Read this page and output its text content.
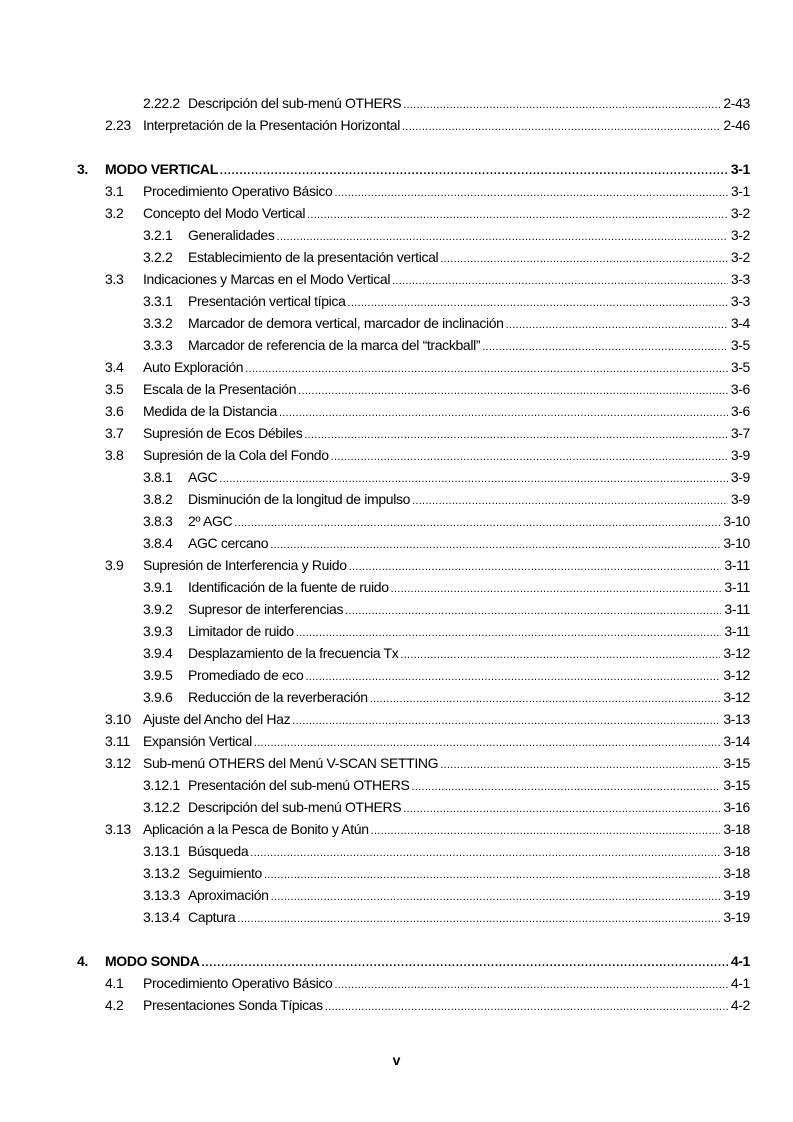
2.22.2 Descripción del sub-menú OTHERS . . .	2-43
2.23 Interpretación de la Presentación Horizontal . . .	2-46
3.	MODO VERTICAL . . .	3-1
3.1	Procedimiento Operativo Básico . . .	3-1
3.2	Concepto del Modo Vertical . . .	3-2
3.2.1	Generalidades . . .	3-2
3.2.2	Establecimiento de la presentación vertical . . .	3-2
3.3	Indicaciones y Marcas en el Modo Vertical . . .	3-3
3.3.1	Presentación vertical típica . . .	3-3
3.3.2	Marcador de demora vertical, marcador de inclinación . . .	3-4
3.3.3	Marcador de referencia de la marca del “trackball” . . .	3-5
3.4	Auto Exploración . . .	3-5
3.5	Escala de la Presentación . . .	3-6
3.6	Medida de la Distancia . . .	3-6
3.7	Supresión de Ecos Débiles . . .	3-7
3.8	Supresión de la Cola del Fondo . . .	3-9
3.8.1	AGC . . .	3-9
3.8.2	Disminución de la longitud de impulso . . .	3-9
3.8.3	2º AGC . . .	3-10
3.8.4	AGC cercano . . .	3-10
3.9	Supresión de Interferencia y Ruido . . .	3-11
3.9.1	Identificación de la fuente de ruido . . .	3-11
3.9.2	Supresor de interferencias . . .	3-11
3.9.3	Limitador de ruido . . .	3-11
3.9.4	Desplazamiento de la frecuencia Tx . . .	3-12
3.9.5	Promediado de eco . . .	3-12
3.9.6	Reducción de la reverberación . . .	3-12
3.10 Ajuste del Ancho del Haz . . .	3-13
3.11 Expansión Vertical . . .	3-14
3.12 Sub-menú OTHERS del Menú V-SCAN SETTING . . .	3-15
3.12.1 Presentación del sub-menú OTHERS . . .	3-15
3.12.2 Descripción del sub-menú OTHERS . . .	3-16
3.13 Aplicación a la Pesca de Bonito y Atún . . .	3-18
3.13.1 Búsqueda . . .	3-18
3.13.2 Seguimiento . . .	3-18
3.13.3 Aproximación . . .	3-19
3.13.4 Captura . . .	3-19
4.	MODO SONDA . . .	4-1
4.1	Procedimiento Operativo Básico . . .	4-1
4.2	Presentaciones Sonda Típicas . . .	4-2
v
